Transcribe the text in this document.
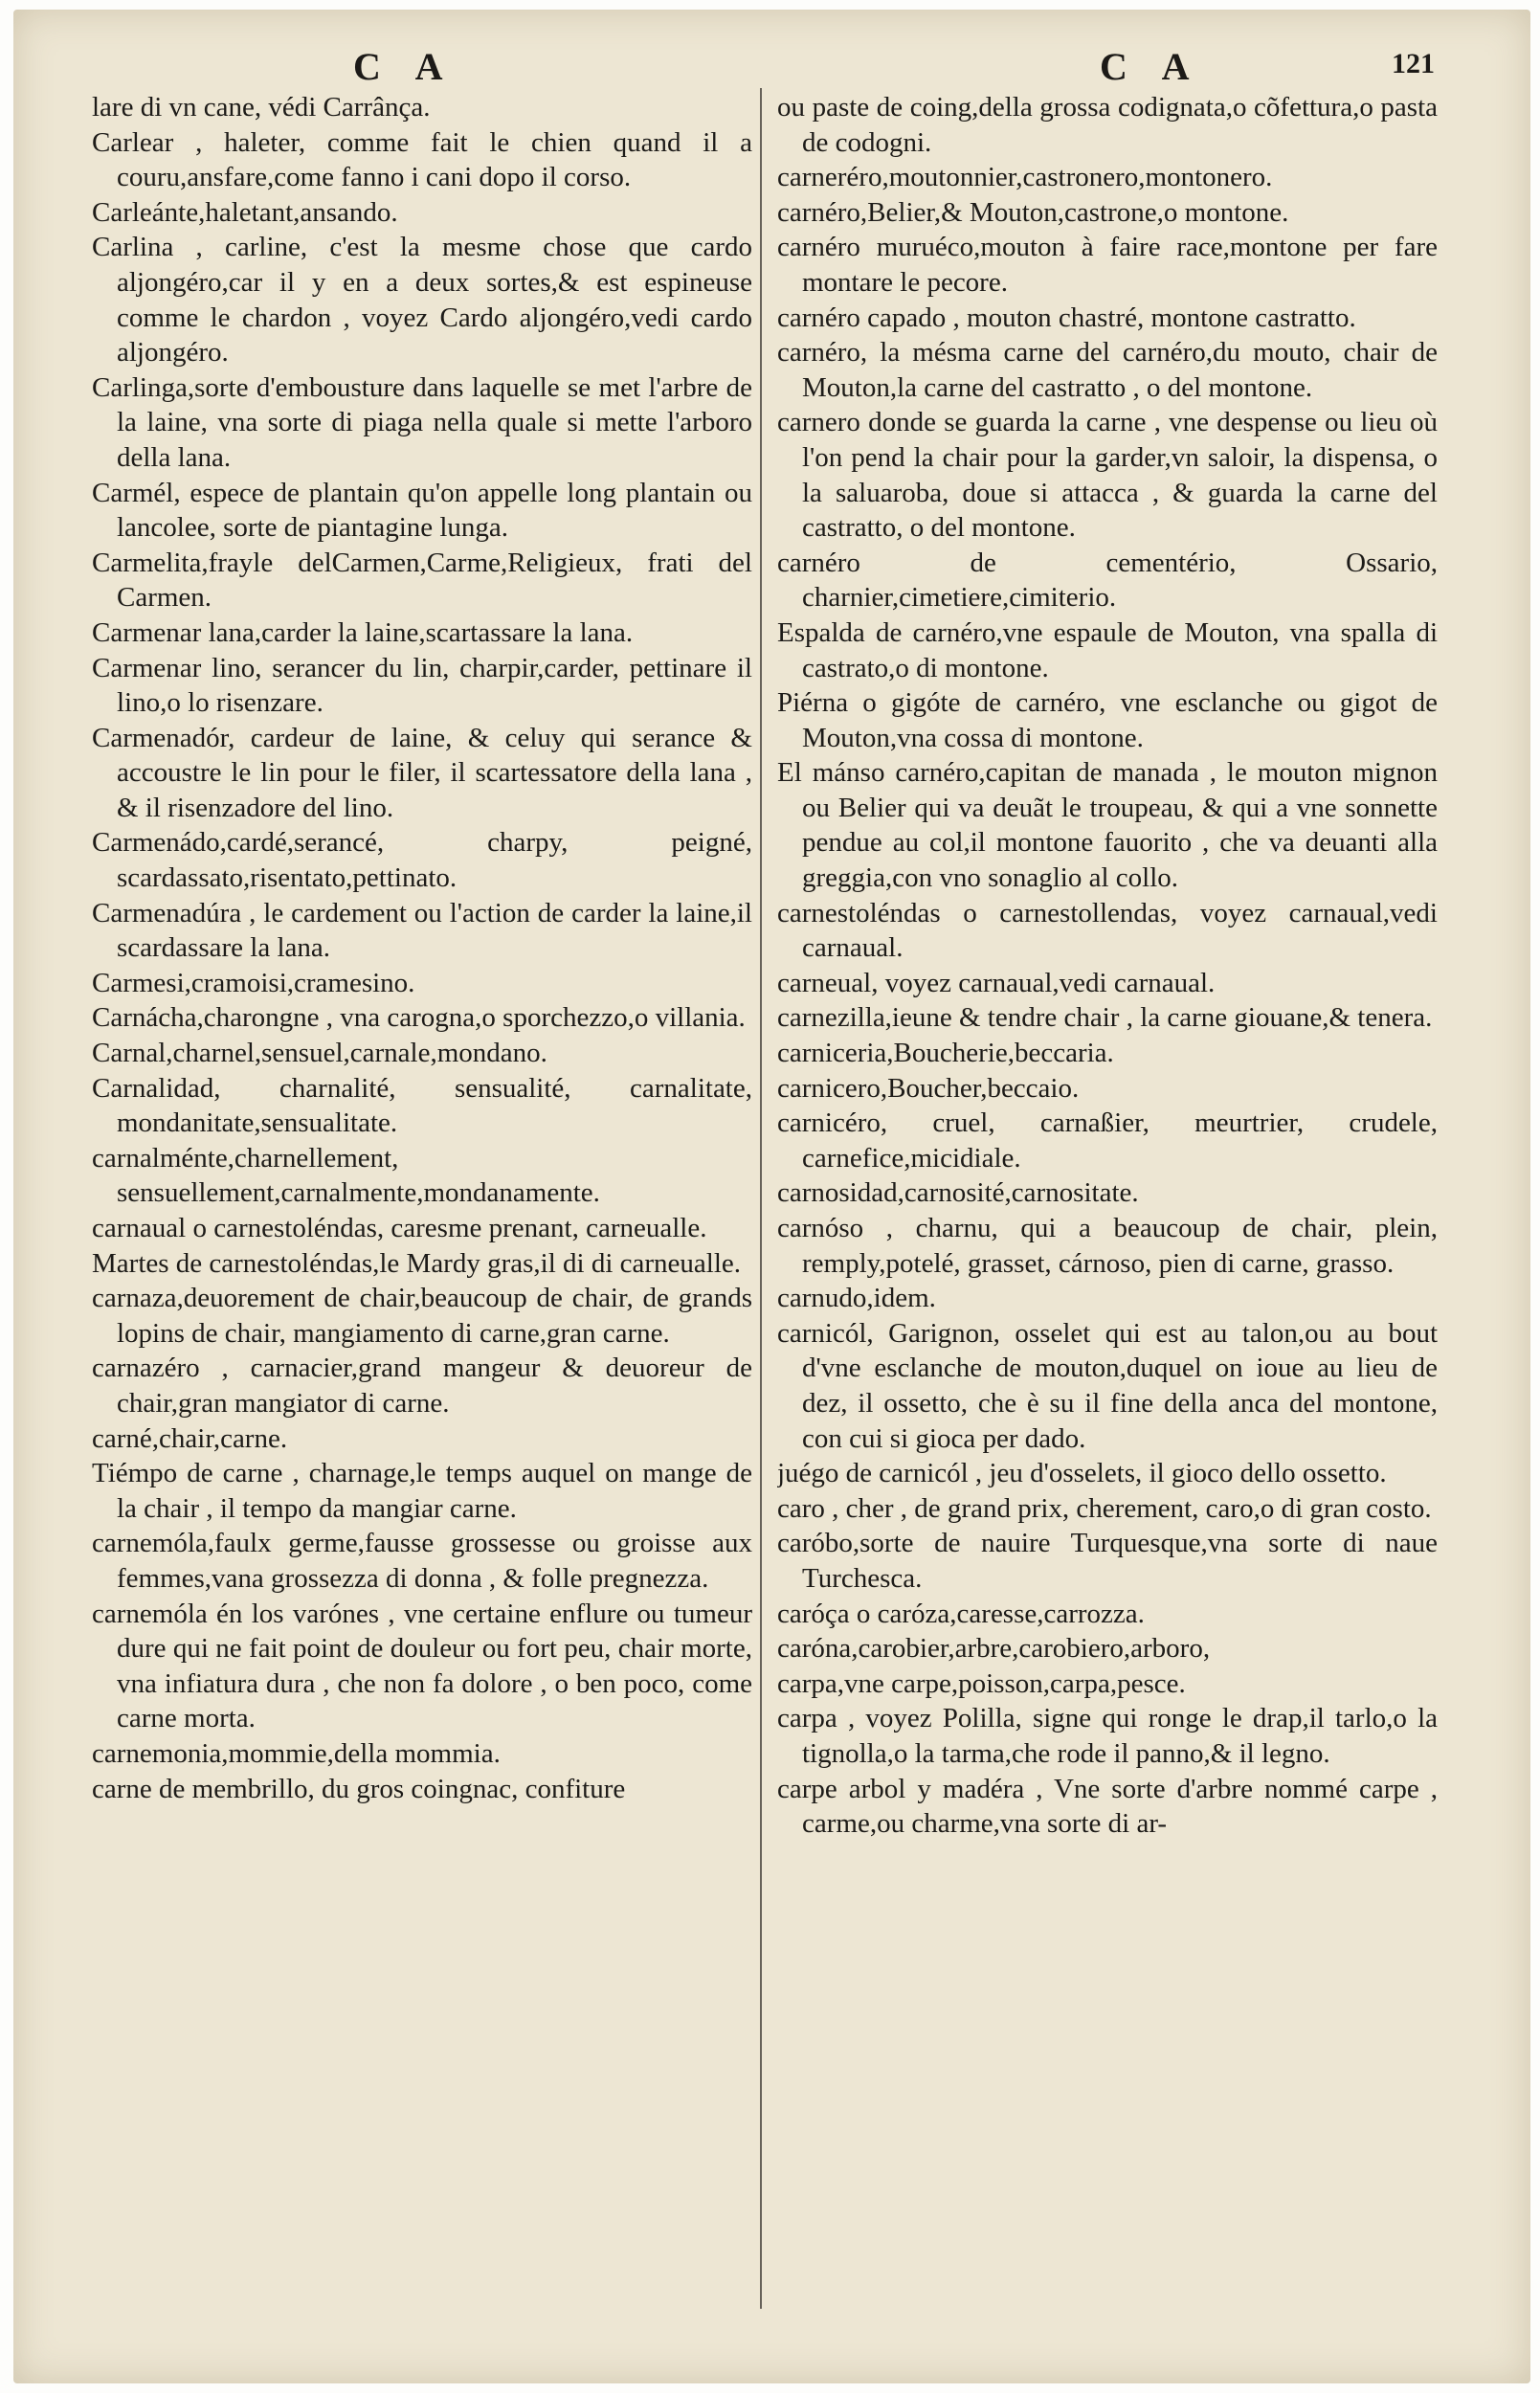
C A	C A	121

lare di vn cane, védi Carrânça.

Carlear , haleter, comme fait le chien quand il a couru,ansfare,come fanno i cani dopo il corso.

Carleánte,haletant,ansando.

Carlina , carline, c'est la mesme chose que cardo aljongéro,car il y en a deux sortes,& est espineuse comme le chardon , voyez Cardo aljongéro,vedi cardo aljongéro.

Carlinga,sorte d'embousture dans laquelle se met l'arbre de la laine, vna sorte di piaga nella quale si mette l'arboro della lana.

Carmél, espece de plantain qu'on appelle long plantain ou lancolee, sorte de piantagine lunga.

Carmelita,frayle delCarmen,Carme,Religieux, frati del Carmen.

Carmenar lana,carder la laine,scartassare la lana.

Carmenar lino, serancer du lin, charpir,carder, pettinare il lino,o lo risenzare.

Carmenadór, cardeur de laine, & celuy qui serance & accoustre le lin pour le filer, il scartessatore della lana , & il risenzadore del lino.

Carmenádo,cardé,serancé, charpy, peigné, scardassato,risentato,pettinato.

Carmenadúra , le cardement ou l'action de carder la laine,il scardassare la lana.

Carmesi,cramoisi,cramesino.

Carnácha,charongne , vna carogna,o sporchezzo,o villania.

Carnal,charnel,sensuel,carnale,mondano.

Carnalidad, charnalité, sensualité, carnalitate, mondanitate,sensualitate.

carnalménte,charnellement, sensuellement,carnalmente,mondanamente.

carnaual o carnestoléndas, caresme prenant, carneualle.

Martes de carnestoléndas,le Mardy gras,il di di carneualle.

carnaza,deuorement de chair,beaucoup de chair, de grands lopins de chair, mangiamento di carne,gran carne.

carnazéro , carnacier,grand mangeur & deuoreur de chair,gran mangiator di carne.

carné,chair,carne.

Tiémpo de carne , charnage,le temps auquel on mange de la chair , il tempo da mangiar carne.

carnemóla,faulx germe,fausse grossesse ou groisse aux femmes,vana grossezza di donna , & folle pregnezza.

carnemóla én los varónes , vne certaine enflure ou tumeur dure qui ne fait point de douleur ou fort peu, chair morte, vna infiatura dura , che non fa dolore , o ben poco, come carne morta.

carnemonia,mommie,della mommia.

carne de membrillo, du gros coingnac, confiture

ou paste de coing,della grossa codignata,o cõfettura,o pasta de codogni.

carneréro,moutonnier,castronero,montonero.

carnéro,Belier,& Mouton,castrone,o montone.

carnéro muruéco,mouton à faire race,montone per fare montare le pecore.

carnéro capado , mouton chastré, montone castratto.

carnéro, la mésma carne del carnéro,du mouto, chair de Mouton,la carne del castratto , o del montone.

carnero donde se guarda la carne , vne despense ou lieu où l'on pend la chair pour la garder,vn saloir, la dispensa, o la saluaroba, doue si attacca , & guarda la carne del castratto, o del montone.

carnéro de cementério, Ossario, charnier,cimetiere,cimiterio.

Espalda de carnéro,vne espaule de Mouton, vna spalla di castrato,o di montone.

Piérna o gigóte de carnéro, vne esclanche ou gigot de Mouton,vna cossa di montone.

El mánso carnéro,capitan de manada , le mouton mignon ou Belier qui va deuãt le troupeau, & qui a vne sonnette pendue au col,il montone fauorito , che va deuanti alla greggia,con vno sonaglio al collo.

carnestoléndas o carnestollendas, voyez carnaual,vedi carnaual.

carneual, voyez carnaual,vedi carnaual.

carnezilla,ieune & tendre chair , la carne giouane,& tenera.

carniceria,Boucherie,beccaria.

carnicero,Boucher,beccaio.

carnicéro, cruel, carnaßier, meurtrier, crudele, carnefice,micidiale.

carnosidad,carnosité,carnositate.

carnóso , charnu, qui a beaucoup de chair, plein, remply,potelé, grasset, cárnoso, pien di carne, grasso.

carnudo,idem.

carnicól, Garignon, osselet qui est au talon,ou au bout d'vne esclanche de mouton,duquel on ioue au lieu de dez, il ossetto, che è su il fine della anca del montone, con cui si gioca per dado.

juégo de carnicól , jeu d'osselets, il gioco dello ossetto.

caro , cher , de grand prix, cherement, caro,o di gran costo.

caróbo,sorte de nauire Turquesque,vna sorte di naue Turchesca.

caróça o caróza,caresse,carrozza.

caróna,carobier,arbre,carobiero,arboro,

carpa,vne carpe,poisson,carpa,pesce.

carpa , voyez Polilla, signe qui ronge le drap,il tarlo,o la tignolla,o la tarma,che rode il panno,& il legno.

carpe arbol y madéra , Vne sorte d'arbre nommé carpe , carme,ou charme,vna sorte di ar-
